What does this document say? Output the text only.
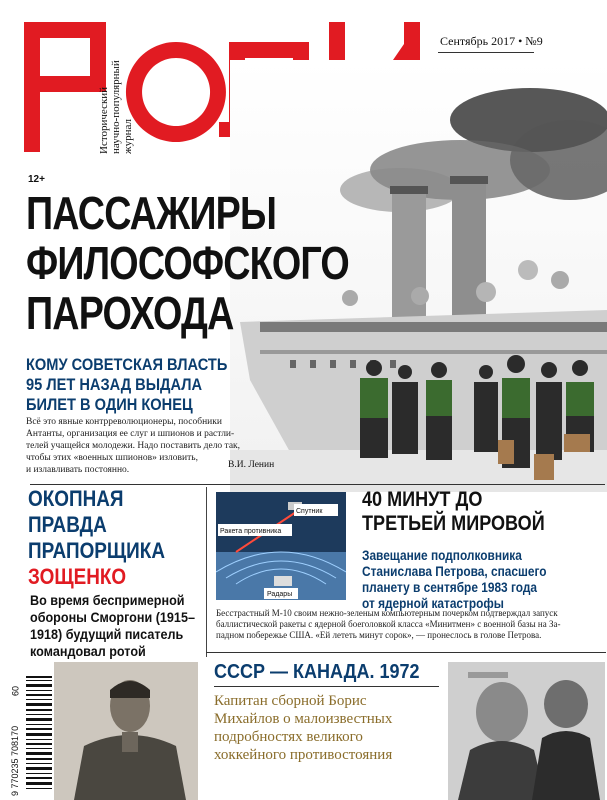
Сентябрь 2017 • №9
Исторический научно-популярный журнал
12+
ПАССАЖИРЫ
ФИЛОСОФСКОГО
ПАРОХОДА
КОМУ СОВЕТСКАЯ ВЛАСТЬ
95 ЛЕТ НАЗАД ВЫДАЛА
БИЛЕТ В ОДИН КОНЕЦ
Всё это явные контрреволюционеры, пособники
Антанты, организация ее слуг и шпионов и растли-
телей учащейся молодежи. Надо поставить дело так,
чтобы этих «военных шпионов» изловить,
и излавливать постоянно.	В.И. Ленин
ОКОПНАЯ
ПРАВДА
ПРАПОРЩИКА
ЗОЩЕНКО
Во время беспримерной
обороны Сморгони (1915–
1918) будущий писатель
командовал ротой
Спутник
Ракета противника
Радары
40 МИНУТ ДО
ТРЕТЬЕЙ МИРОВОЙ
Завещание подполковника
Станислава Петрова, спасшего
планету в сентябре 1983 года
от ядерной катастрофы
Бесстрастный М-10 своим нежно-зеленым компьютерным почерком подтверждал запуск
баллистической ракеты с ядерной боеголовкой класса «Минитмен» с военной базы на За-
падном побережье США. «Ей лететь минут сорок», — пронеслось в голове Петрова.
9 770235 708170
09
СССР — КАНАДА. 1972
Капитан сборной Борис
Михайлов о малоизвестных
подробностях великого
хоккейного противостояния
